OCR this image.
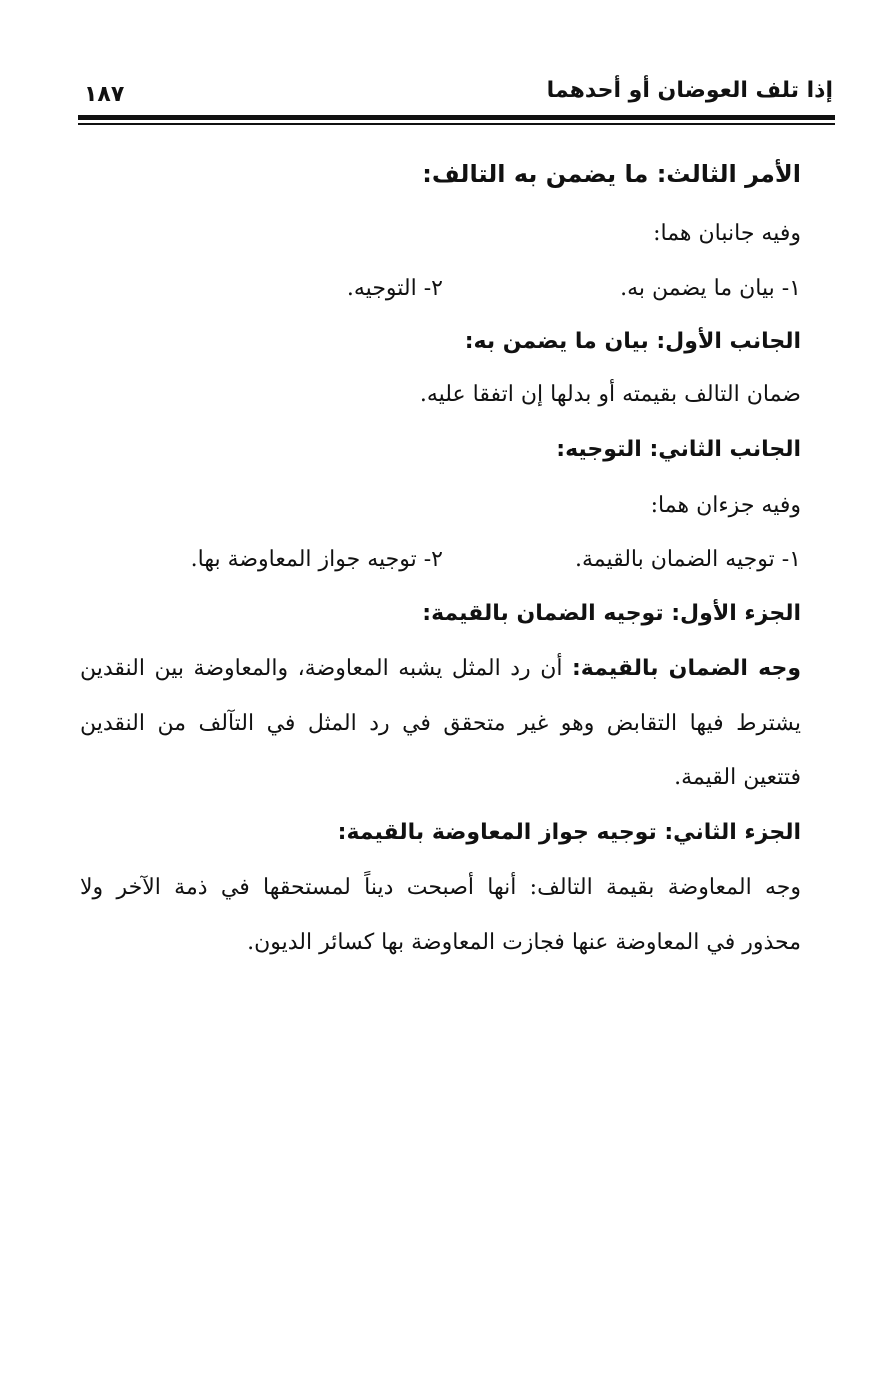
إذا تلف العوضان أو أحدهما
١٨٧
الأمر الثالث: ما يضمن به التالف:
وفيه جانبان هما:
١- بيان ما يضمن به.
٢- التوجيه.
الجانب الأول: بيان ما يضمن به:
ضمان التالف بقيمته أو بدلها إن اتفقا عليه.
الجانب الثاني: التوجيه:
وفيه جزءان هما:
١- توجيه الضمان بالقيمة.
٢- توجيه جواز المعاوضة بها.
الجزء الأول: توجيه الضمان بالقيمة:
وجه الضمان بالقيمة: أن رد المثل يشبه المعاوضة، والمعاوضة بين النقدين
يشترط فيها التقابض وهو غير متحقق في رد المثل في التآلف من النقدين
فتتعين القيمة.
الجزء الثاني: توجيه جواز المعاوضة بالقيمة:
وجه المعاوضة بقيمة التالف: أنها أصبحت ديناً لمستحقها في ذمة الآخر ولا
محذور في المعاوضة عنها فجازت المعاوضة بها كسائر الديون.
